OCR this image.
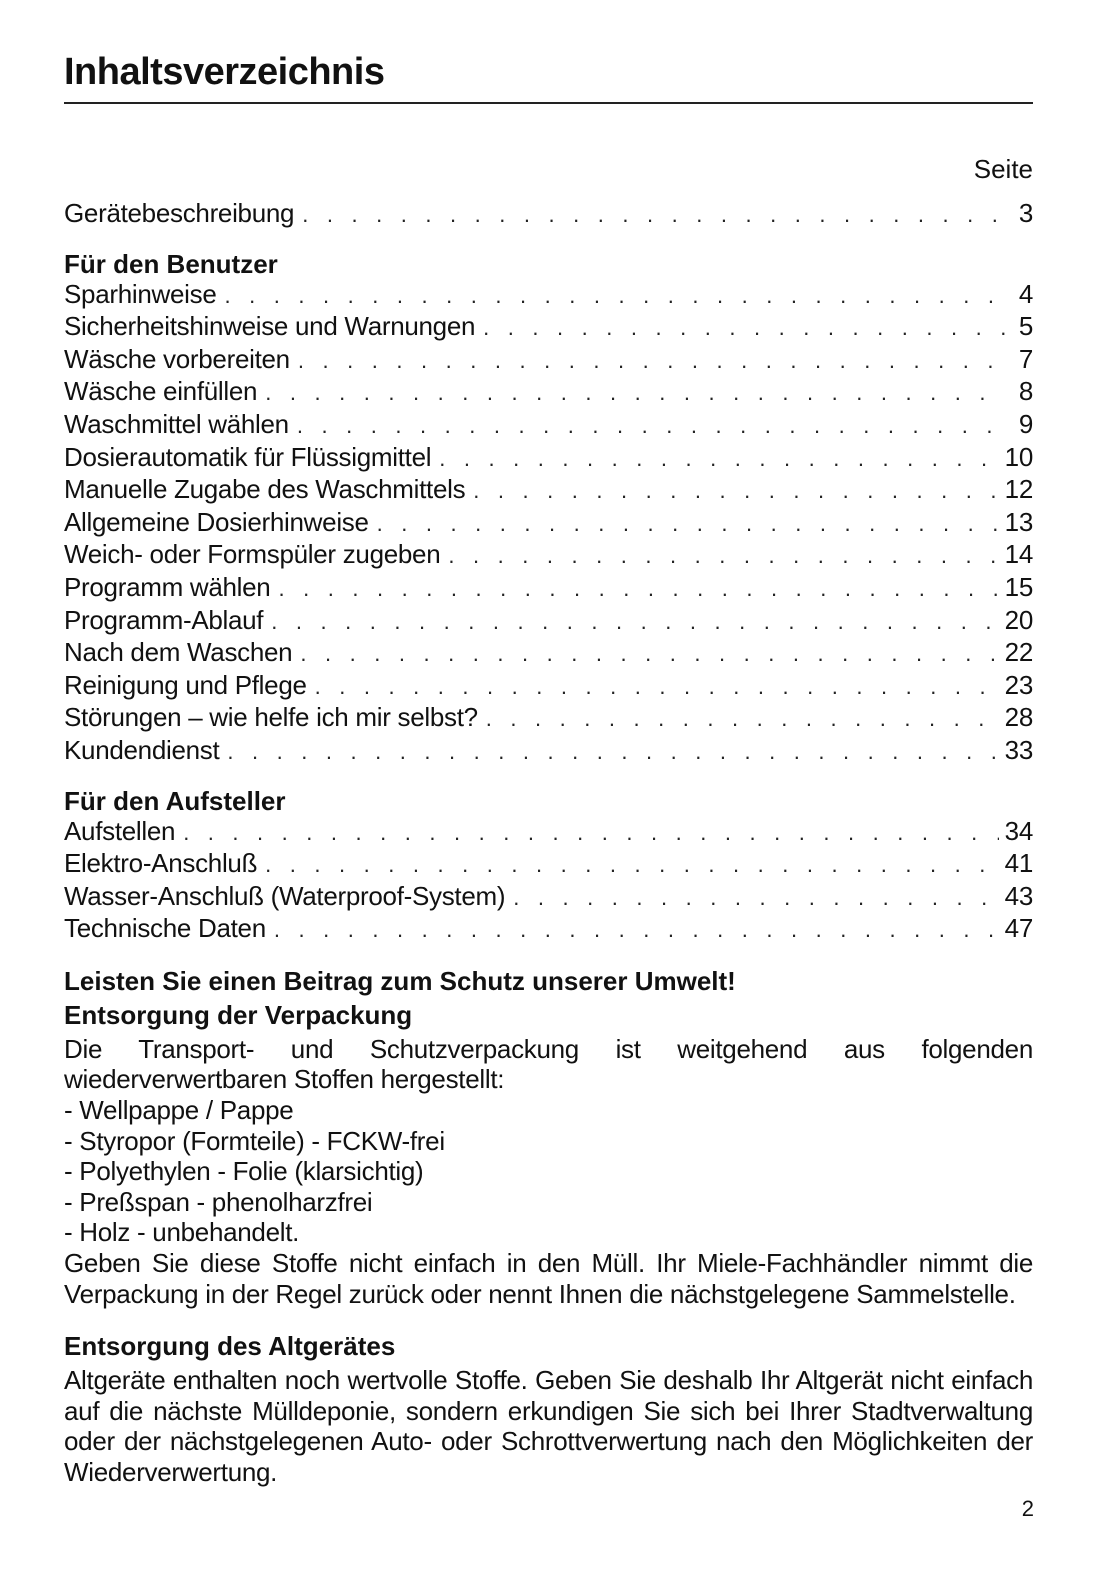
Inhaltsverzeichnis
Seite
Gerätebeschreibung . . .	3
Für den Benutzer
Sparhinweise . . .	4
Sicherheitshinweise und Warnungen . . .	5
Wäsche vorbereiten . . .	7
Wäsche einfüllen . . .	8
Waschmittel wählen . . .	9
Dosierautomatik für Flüssigmittel . . .	10
Manuelle Zugabe des Waschmittels . . .	12
Allgemeine Dosierhinweise . . .	13
Weich- oder Formspüler zugeben . . .	14
Programm wählen . . .	15
Programm-Ablauf . . .	20
Nach dem Waschen . . .	22
Reinigung und Pflege . . .	23
Störungen – wie helfe ich mir selbst? . . .	28
Kundendienst . . .	33
Für den Aufsteller
Aufstellen . . .	34
Elektro-Anschluß . . .	41
Wasser-Anschluß (Waterproof-System) . . .	43
Technische Daten . . .	47
Leisten Sie einen Beitrag zum Schutz unserer Umwelt!
Entsorgung der Verpackung

Die Transport- und Schutzverpackung ist weitgehend aus folgenden wiederverwertbaren Stoffen hergestellt:

- Wellpappe / Pappe
- Styropor (Formteile) - FCKW-frei
- Polyethylen - Folie (klarsichtig)
- Preßspan - phenolharzfrei
- Holz - unbehandelt.

Geben Sie diese Stoffe nicht einfach in den Müll. Ihr Miele-Fachhändler nimmt die Verpackung in der Regel zurück oder nennt Ihnen die nächstgelegene Sammelstelle.

Entsorgung des Altgerätes

Altgeräte enthalten noch wertvolle Stoffe. Geben Sie deshalb Ihr Altgerät nicht einfach auf die nächste Mülldeponie, sondern erkundigen Sie sich bei Ihrer Stadtverwaltung oder der nächstgelegenen Auto- oder Schrottverwertung nach den Möglichkeiten der Wiederverwertung.

2
